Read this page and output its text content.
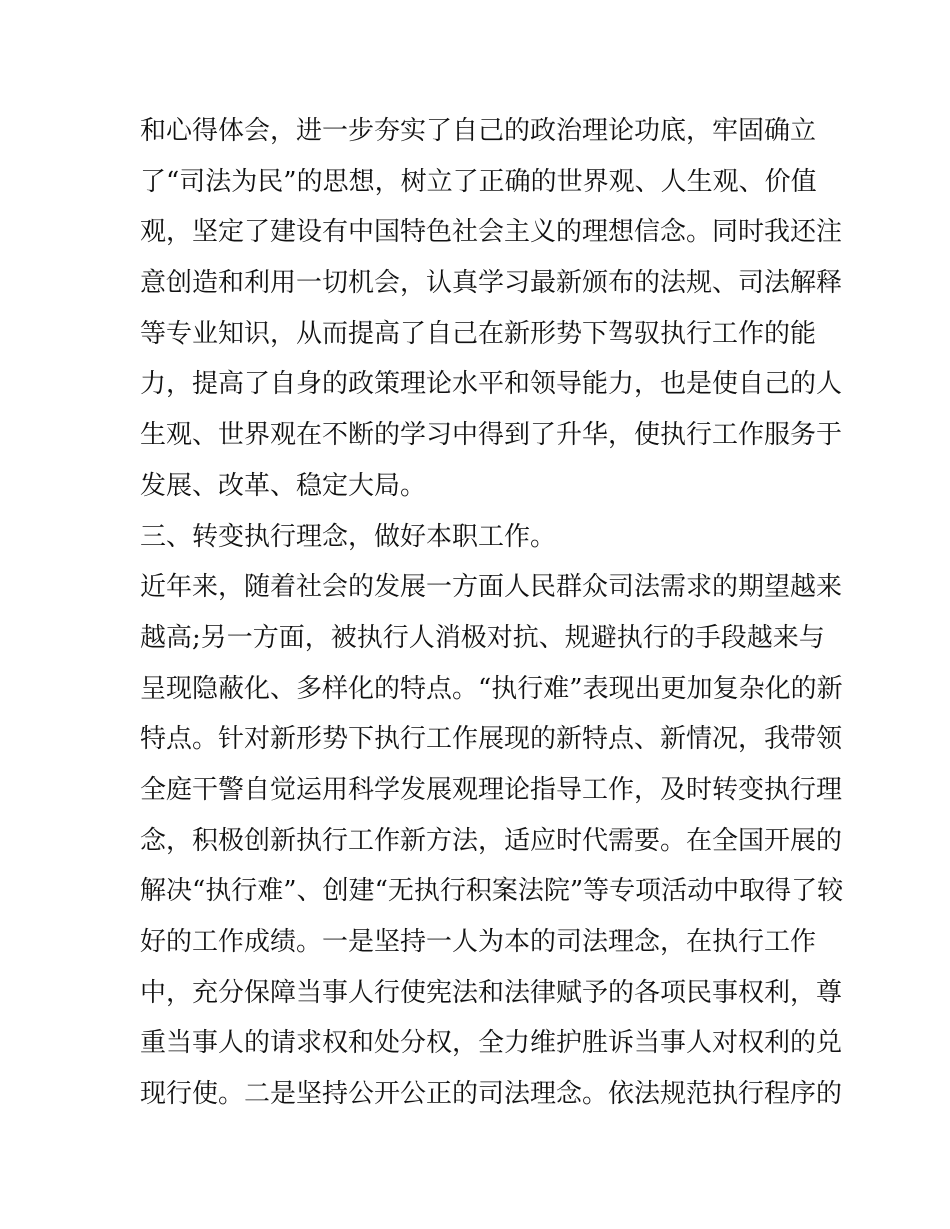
和心得体会，进一步夯实了自己的政治理论功底，牢固确立
了“司法为民”的思想，树立了正确的世界观、人生观、价值
观，坚定了建设有中国特色社会主义的理想信念。同时我还注
意创造和利用一切机会，认真学习最新颁布的法规、司法解释
等专业知识，从而提高了自己在新形势下驾驭执行工作的能
力，提高了自身的政策理论水平和领导能力，也是使自己的人
生观、世界观在不断的学习中得到了升华，使执行工作服务于
发展、改革、稳定大局。
三、转变执行理念，做好本职工作。
近年来，随着社会的发展一方面人民群众司法需求的期望越来
越高;另一方面，被执行人消极对抗、规避执行的手段越来与
呈现隐蔽化、多样化的特点。“执行难”表现出更加复杂化的新
特点。针对新形势下执行工作展现的新特点、新情况，我带领
全庭干警自觉运用科学发展观理论指导工作，及时转变执行理
念，积极创新执行工作新方法，适应时代需要。在全国开展的
解决“执行难”、创建“无执行积案法院”等专项活动中取得了较
好的工作成绩。一是坚持一人为本的司法理念，在执行工作
中，充分保障当事人行使宪法和法律赋予的各项民事权利，尊
重当事人的请求权和处分权，全力维护胜诉当事人对权利的兑
现行使。二是坚持公开公正的司法理念。依法规范执行程序的
